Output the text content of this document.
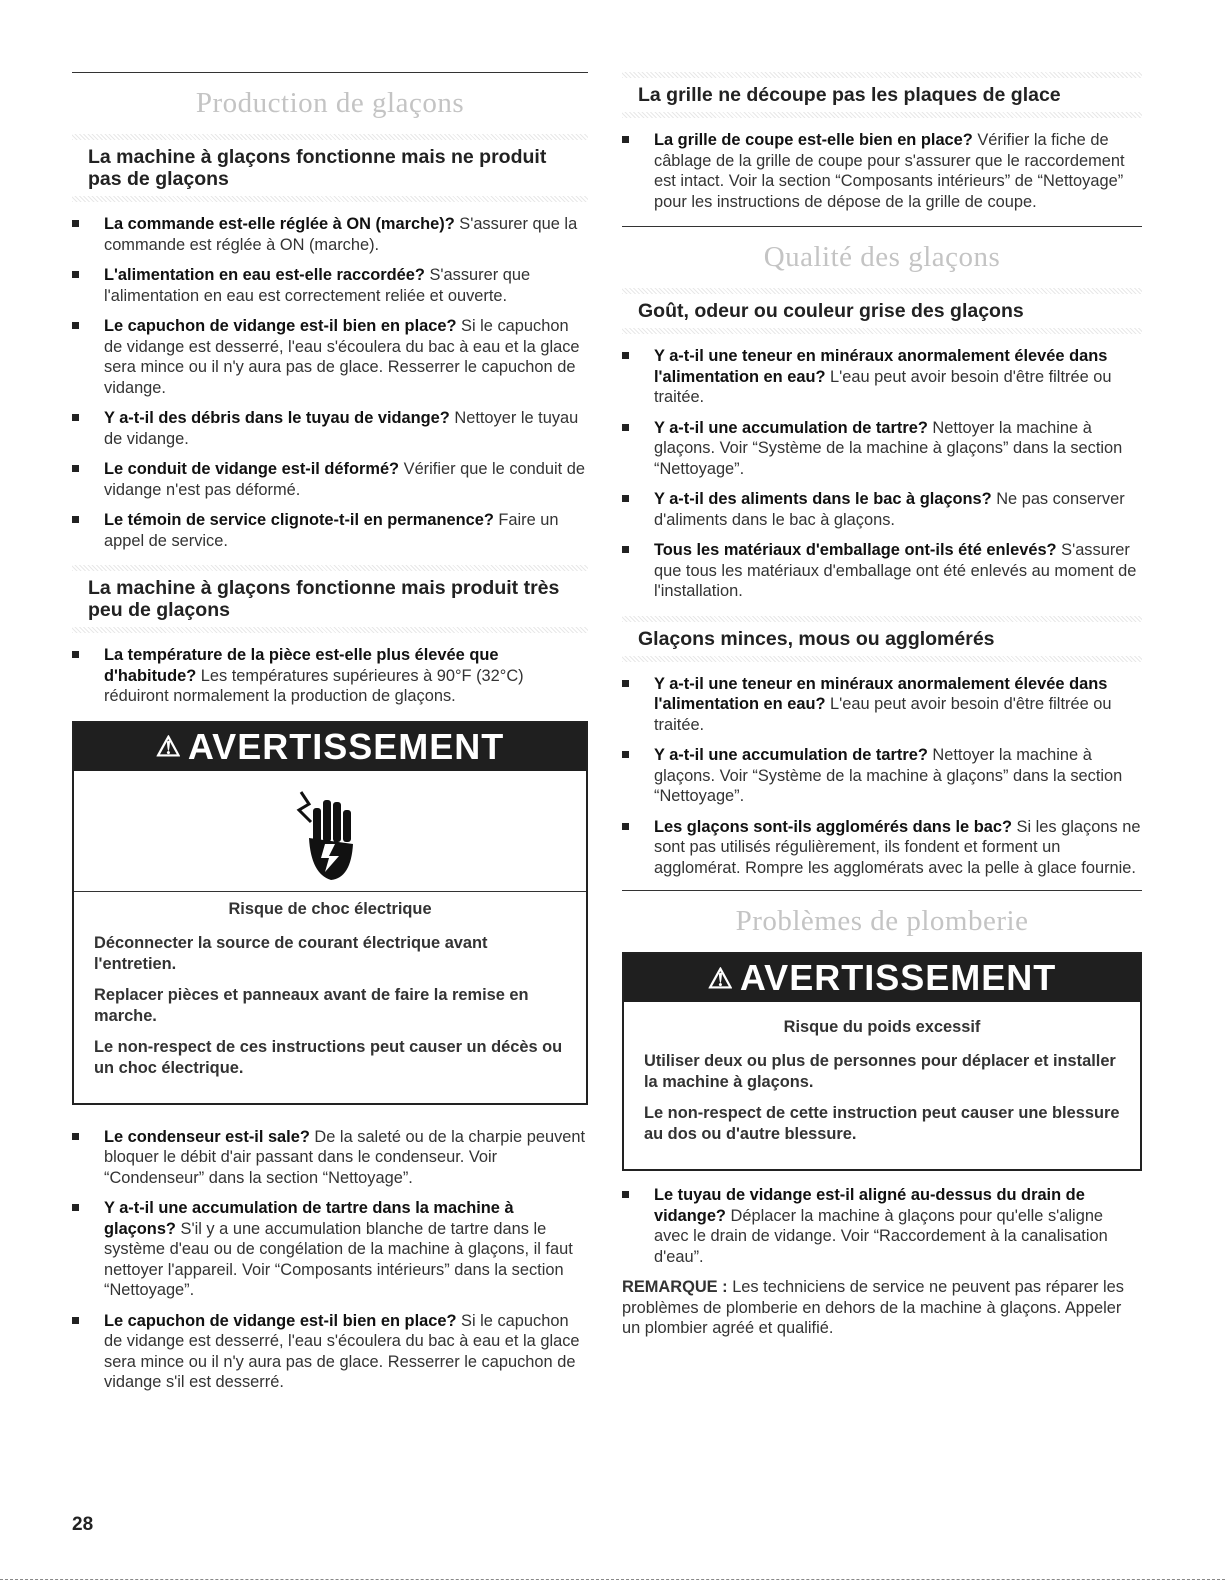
Production de glaçons

La machine à glaçons fonctionne mais ne produit pas de glaçons

La commande est-elle réglée à ON (marche)? S'assurer que la commande est réglée à ON (marche).
L'alimentation en eau est-elle raccordée? S'assurer que l'alimentation en eau est correctement reliée et ouverte.
Le capuchon de vidange est-il bien en place? Si le capuchon de vidange est desserré, l'eau s'écoulera du bac à eau et la glace sera mince ou il n'y aura pas de glace. Resserrer le capuchon de vidange.
Y a-t-il des débris dans le tuyau de vidange? Nettoyer le tuyau de vidange.
Le conduit de vidange est-il déformé? Vérifier que le conduit de vidange n'est pas déformé.
Le témoin de service clignote-t-il en permanence? Faire un appel de service.

La machine à glaçons fonctionne mais produit très peu de glaçons

La température de la pièce est-elle plus élevée que d'habitude? Les températures supérieures à 90°F (32°C) réduiront normalement la production de glaçons.
⚠ AVERTISSEMENT
Risque de choc électrique

Déconnecter la source de courant électrique avant l'entretien.

Replacer pièces et panneaux avant de faire la remise en marche.

Le non-respect de ces instructions peut causer un décès ou un choc électrique.

Le condenseur est-il sale? De la saleté ou de la charpie peuvent bloquer le débit d'air passant dans le condenseur. Voir “Condenseur” dans la section “Nettoyage”.
Y a-t-il une accumulation de tartre dans la machine à glaçons? S'il y a une accumulation blanche de tartre dans le système d'eau ou de congélation de la machine à glaçons, il faut nettoyer l'appareil. Voir “Composants intérieurs” dans la section “Nettoyage”.
Le capuchon de vidange est-il bien en place? Si le capuchon de vidange est desserré, l'eau s'écoulera du bac à eau et la glace sera mince ou il n'y aura pas de glace. Resserrer le capuchon de vidange s'il est desserré.

La grille ne découpe pas les plaques de glace

La grille de coupe est-elle bien en place? Vérifier la fiche de câblage de la grille de coupe pour s'assurer que le raccordement est intact. Voir la section “Composants intérieurs” de “Nettoyage” pour les instructions de dépose de la grille de coupe.
Qualité des glaçons

Goût, odeur ou couleur grise des glaçons

Y a-t-il une teneur en minéraux anormalement élevée dans l'alimentation en eau? L'eau peut avoir besoin d'être filtrée ou traitée.
Y a-t-il une accumulation de tartre? Nettoyer la machine à glaçons. Voir “Système de la machine à glaçons” dans la section “Nettoyage”.
Y a-t-il des aliments dans le bac à glaçons? Ne pas conserver d'aliments dans le bac à glaçons.
Tous les matériaux d'emballage ont-ils été enlevés? S'assurer que tous les matériaux d'emballage ont été enlevés au moment de l'installation.

Glaçons minces, mous ou agglomérés

Y a-t-il une teneur en minéraux anormalement élevée dans l'alimentation en eau? L'eau peut avoir besoin d'être filtrée ou traitée.
Y a-t-il une accumulation de tartre? Nettoyer la machine à glaçons. Voir “Système de la machine à glaçons” dans la section “Nettoyage”.
Les glaçons sont-ils agglomérés dans le bac? Si les glaçons ne sont pas utilisés régulièrement, ils fondent et forment un agglomérat. Rompre les agglomérats avec la pelle à glace fournie.
Problèmes de plomberie
⚠ AVERTISSEMENT
Risque du poids excessif

Utiliser deux ou plus de personnes pour déplacer et installer la machine à glaçons.

Le non-respect de cette instruction peut causer une blessure au dos ou d'autre blessure.

Le tuyau de vidange est-il aligné au-dessus du drain de vidange? Déplacer la machine à glaçons pour qu'elle s'aligne avec le drain de vidange. Voir “Raccordement à la canalisation d'eau”.

REMARQUE : Les techniciens de service ne peuvent pas réparer les problèmes de plomberie en dehors de la machine à glaçons. Appeler un plombier agréé et qualifié.

28
